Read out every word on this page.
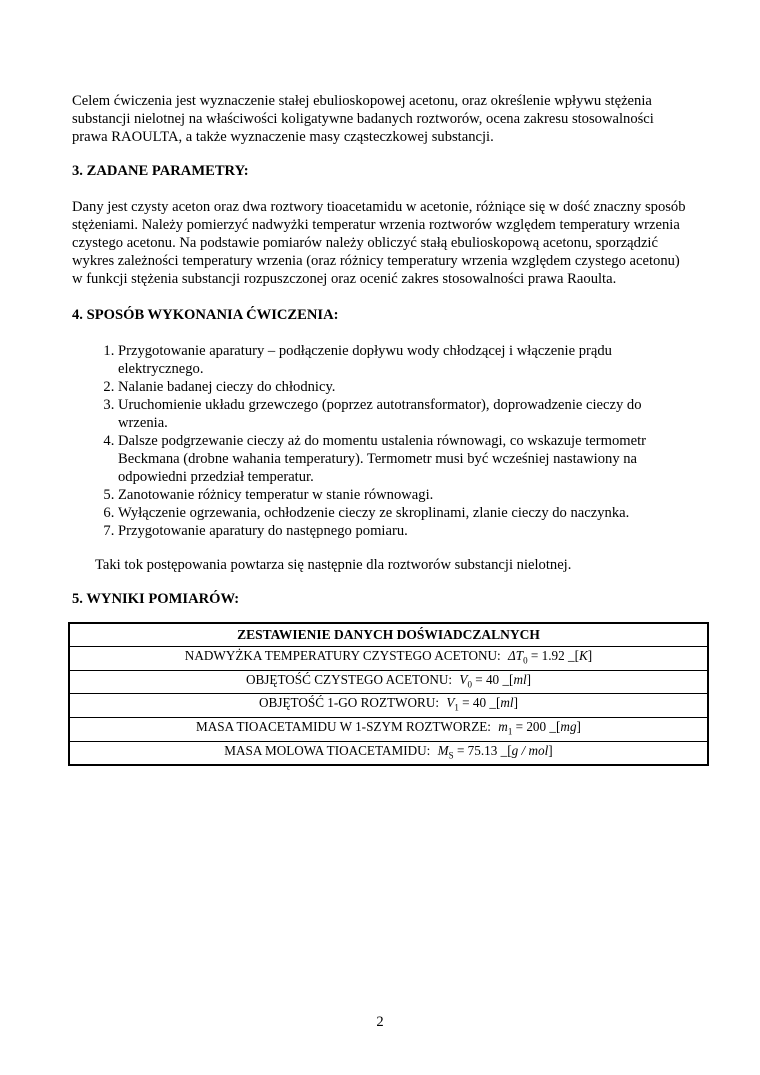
Celem ćwiczenia jest wyznaczenie stałej ebulioskopowej acetonu, oraz określenie wpływu stężenia substancji nielotnej na właściwości koligatywne badanych roztworów, ocena zakresu stosowalności prawa RAOULTA, a także wyznaczenie masy cząsteczkowej substancji.

3. ZADANE PARAMETRY:

Dany jest czysty aceton oraz dwa roztwory tioacetamidu w acetonie, różniące się w dość znaczny sposób stężeniami. Należy pomierzyć nadwyżki temperatur wrzenia roztworów względem temperatury wrzenia czystego acetonu. Na podstawie pomiarów należy obliczyć stałą ebulioskopową acetonu, sporządzić wykres zależności temperatury wrzenia (oraz różnicy temperatury wrzenia względem czystego acetonu) w funkcji stężenia substancji rozpuszczonej oraz ocenić zakres stosowalności prawa Raoulta.

4. SPOSÓB WYKONANIA ĆWICZENIA:
1. Przygotowanie aparatury – podłączenie dopływu wody chłodzącej i włączenie prądu elektrycznego.
2. Nalanie badanej cieczy do chłodnicy.
3. Uruchomienie układu grzewczego (poprzez autotransformator), doprowadzenie cieczy do wrzenia.
4. Dalsze podgrzewanie cieczy aż do momentu ustalenia równowagi, co wskazuje termometr Beckmana (drobne wahania temperatury). Termometr musi być wcześniej nastawiony na odpowiedni przedział temperatur.
5. Zanotowanie różnicy temperatur w stanie równowagi.
6. Wyłączenie ogrzewania, ochłodzenie cieczy ze skroplinami, zlanie cieczy do naczynka.
7. Przygotowanie aparatury do następnego pomiaru.

Taki tok postępowania powtarza się następnie dla roztworów substancji nielotnej.

5. WYNIKI POMIARÓW:
ZESTAWIENIE DANYCH DOŚWIADCZALNYCH
NADWYŻKA TEMPERATURY CZYSTEGO ACETONU: $\Delta T_0 = 1.92$ _[K]
OBJĘTOŚĆ CZYSTEGO ACETONU: $V_0 = 40$ _[ml]
OBJĘTOŚĆ 1-GO ROZTWORU: $V_1 = 40$ _[ml]
MASA TIOACETAMIDU W 1-SZYM ROZTWORZE: $m_1 = 200$ _[mg]
MASA MOLOWA TIOACETAMIDU: $M_S = 75.13$ _[g / mol]
2
